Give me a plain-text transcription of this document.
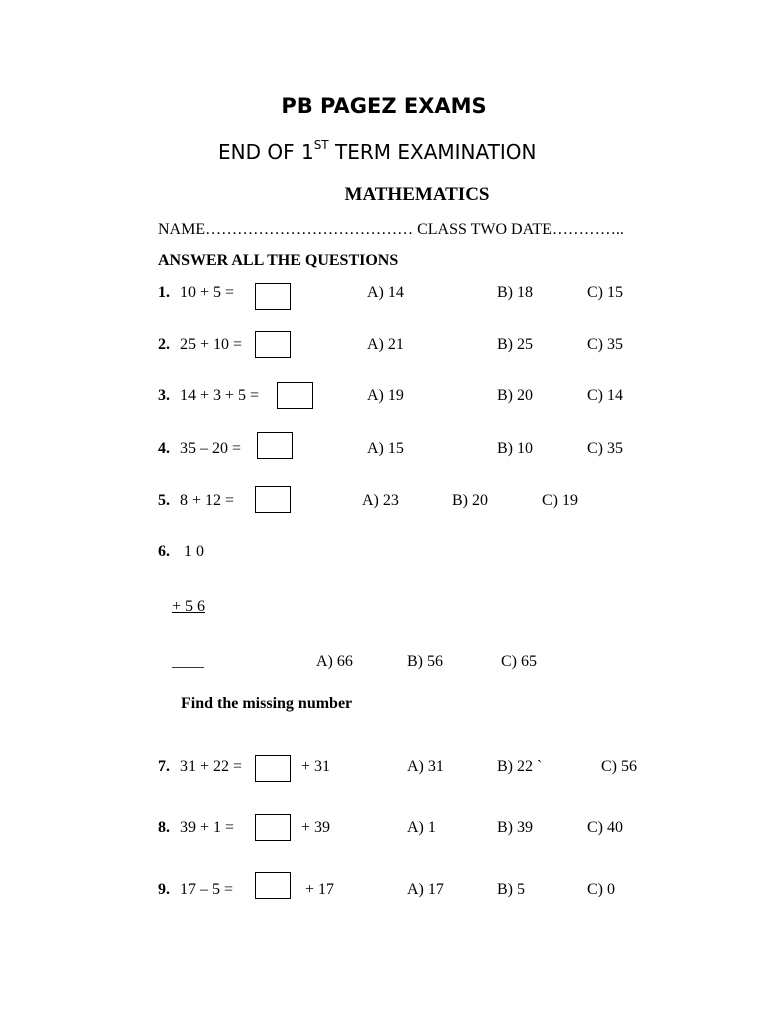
PB PAGEZ EXAMS
END OF 1ST TERM EXAMINATION
MATHEMATICS
NAME………………………………… CLASS TWO DATE…………..
ANSWER ALL THE QUESTIONS
1. 10 + 5 =	A) 14	B) 18	C) 15
2. 25 + 10 =	A) 21	B) 25	C) 35
3. 14 + 3 + 5 =	A) 19	B) 20	C) 14
4. 35 – 20 =	A) 15	B) 10	C) 35
5. 8 + 12 =	A) 23	B) 20	C) 19
6. 1 0
+ 5 6
____	A) 66	B) 56	C) 65
Find the missing number
7. 31 + 22 =	+ 31	A) 31	B) 22 `	C) 56
8. 39 + 1 =	+ 39	A) 1	B) 39	C) 40
9. 17 – 5 =	+ 17	A) 17	B) 5	C) 0
